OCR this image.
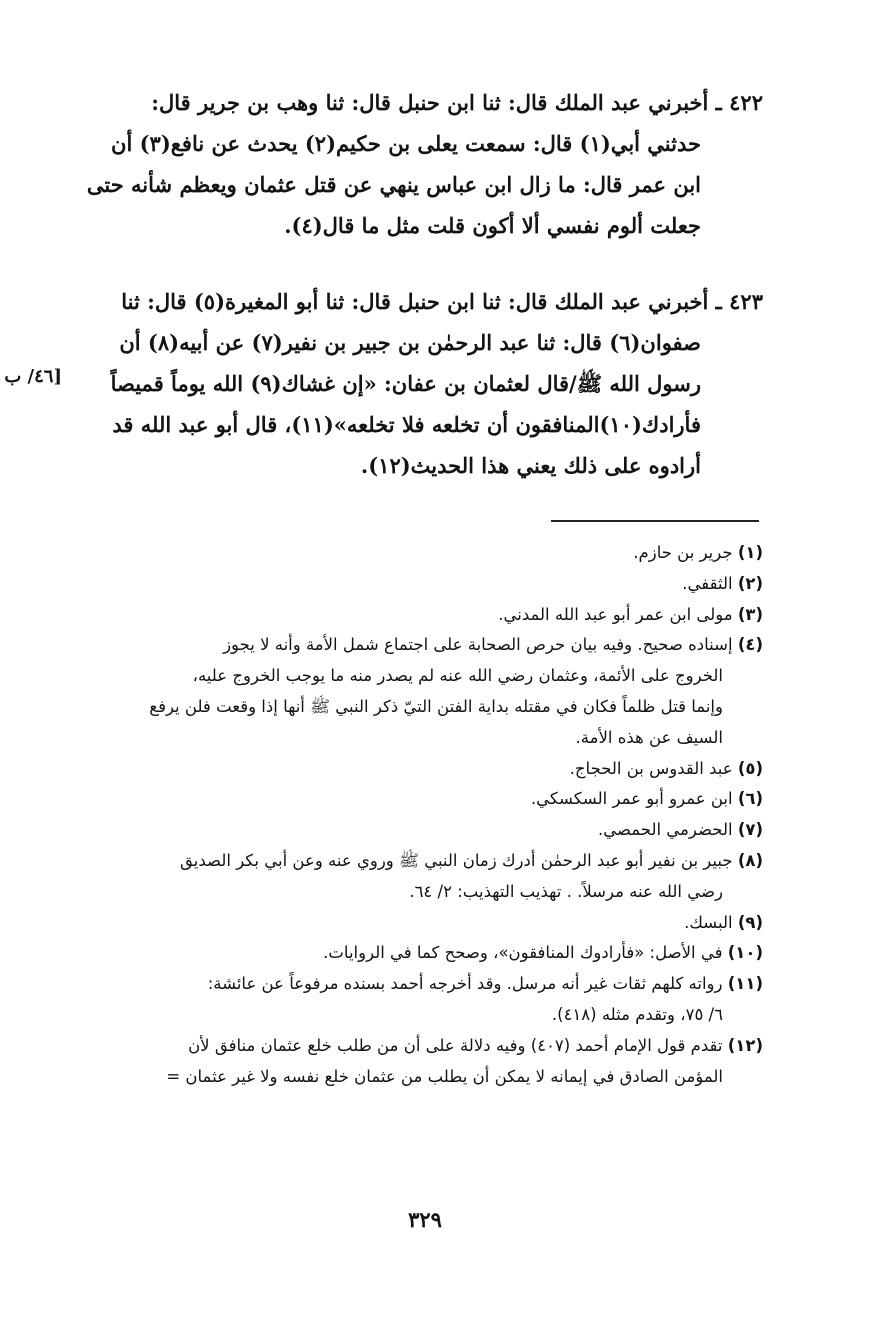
٤٢٢ ـ أخبرني عبد الملك قال: ثنا ابن حنبل قال: ثنا وهب بن جرير قال:
حدثني أبي(١) قال: سمعت يعلى بن حكيم(٢) يحدث عن نافع(٣) أن
ابن عمر قال: ما زال ابن عباس ينهي عن قتل عثمان ويعظم شأنه حتى
جعلت ألوم نفسي ألا أكون قلت مثل ما قال(٤).
٤٢٣ ـ أخبرني عبد الملك قال: ثنا ابن حنبل قال: ثنا أبو المغيرة(٥) قال: ثنا
صفوان(٦) قال: ثنا عبد الرحمٰن بن جبير بن نفير(٧) عن أبيه(٨) أن
رسول الله ﷺ/قال لعثمان بن عفان: «إن غشاك(٩) الله يوماً قميصاً
فأرادك(١٠)المنافقون أن تخلعه فلا تخلعه»(١١)، قال أبو عبد الله قد
أرادوه على ذلك يعني هذا الحديث(١٢).
[٤٦/ ب
(١) جرير بن حازم.
(٢) الثقفي.
(٣) مولى ابن عمر أبو عبد الله المدني.
(٤) إسناده صحيح. وفيه بيان حرص الصحابة على اجتماع شمل الأمة وأنه لا يجوز
الخروج على الأئمة، وعثمان رضي الله عنه لم يصدر منه ما يوجب الخروج عليه،
وإنما قتل ظلماً فكان في مقتله بداية الفتن التيّ ذكر النبي ﷺ أنها إذا وقعت فلن يرفع
السيف عن هذه الأمة.
(٥) عبد القدوس بن الحجاج.
(٦) ابن عمرو أبو عمر السكسكي.
(٧) الحضرمي الحمصي.
(٨) جبير بن نفير أبو عبد الرحمٰن أدرك زمان النبي ﷺ وروي عنه وعن أبي بكر الصديق
رضي الله عنه مرسلاً. . تهذيب التهذيب: ٢/ ٦٤.
(٩) البسك.
(١٠) في الأصل: «فأرادوك المنافقون»، وصحح كما في الروايات.
(١١) رواته كلهم ثقات غير أنه مرسل. وقد أخرجه أحمد بسنده مرفوعاً عن عائشة:
٦/ ٧٥، وتقدم مثله (٤١٨).
(١٢) تقدم قول الإمام أحمد (٤٠٧) وفيه دلالة على أن من طلب خلع عثمان منافق لأن
المؤمن الصادق في إيمانه لا يمكن أن يطلب من عثمان خلع نفسه ولا غير عثمان =
٣٢٩
